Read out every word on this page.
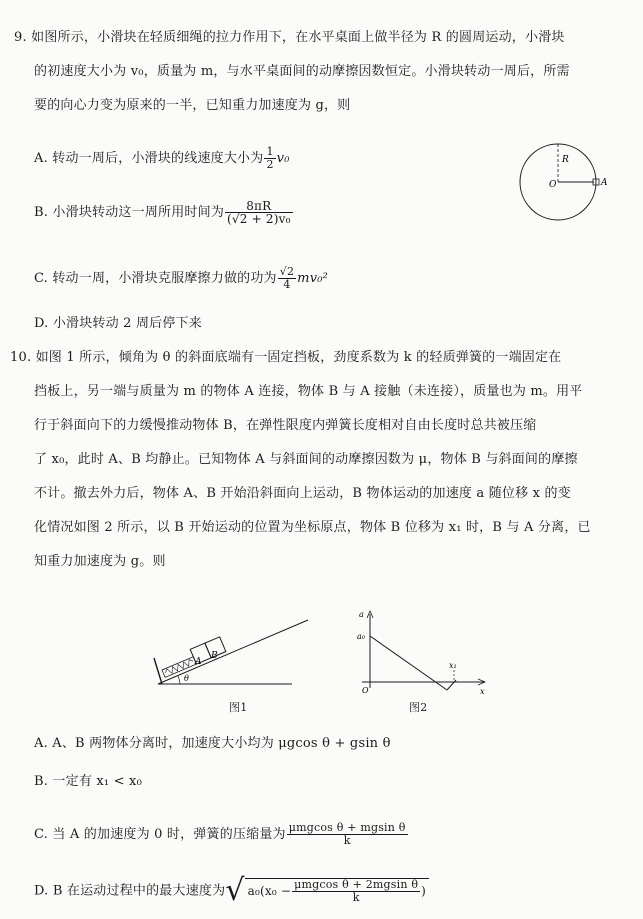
9. 如图所示，小滑块在轻质细绳的拉力作用下，在水平桌面上做半径为 R 的圆周运动，小滑块
的初速度大小为 v₀，质量为 m，与水平桌面间的动摩擦因数恒定。小滑块转动一周后，所需
要的向心力变为原来的一半，已知重力加速度为 g，则
A. 转动一周后，小滑块的线速度大小为 $\frac{1}{2} v_0$
B. 小滑块转动这一周所用时间为 $\frac{8\pi R}{\text{(√2 + 2)v₀}}$
C. 转动一周，小滑块克服摩擦力做的功为 $\frac{√2}{4} mv_0^2$
D. 小滑块转动 2 周后停下来
R
O	A
10. 如图 1 所示，倾角为 θ 的斜面底端有一固定挡板，劲度系数为 k 的轻质弹簧的一端固定在
挡板上，另一端与质量为 m 的物体 A 连接，物体 B 与 A 接触（未连接），质量也为 m。用平
行于斜面向下的力缓慢推动物体 B，在弹性限度内弹簧长度相对自由长度时总共被压缩
了 x₀，此时 A、B 均静止。已知物体 A 与斜面间的动摩擦因数为 μ，物体 B 与斜面间的摩擦
不计。撤去外力后，物体 A、B 开始沿斜面向上运动，B 物体运动的加速度 a 随位移 x 的变
化情况如图 2 所示，以 B 开始运动的位置为坐标原点，物体 B 位移为 x₁ 时，B 与 A 分离，已
知重力加速度为 g。则
A
B
θ
图1
a
a₀
x₁
O	x
图2
A. A、B 两物体分离时，加速度大小均为 μgcos θ + gsin θ
B. 一定有 x₁ < x₀
C. 当 A 的加速度为 0 时，弹簧的压缩量为 $\frac{\text{μmgcos θ + mgsin θ}}{k}$
D. B 在运动过程中的最大速度为√ $a_0(x_0 - \frac{\text{μmgcos θ + 2mgsin θ}}{k}$ )
